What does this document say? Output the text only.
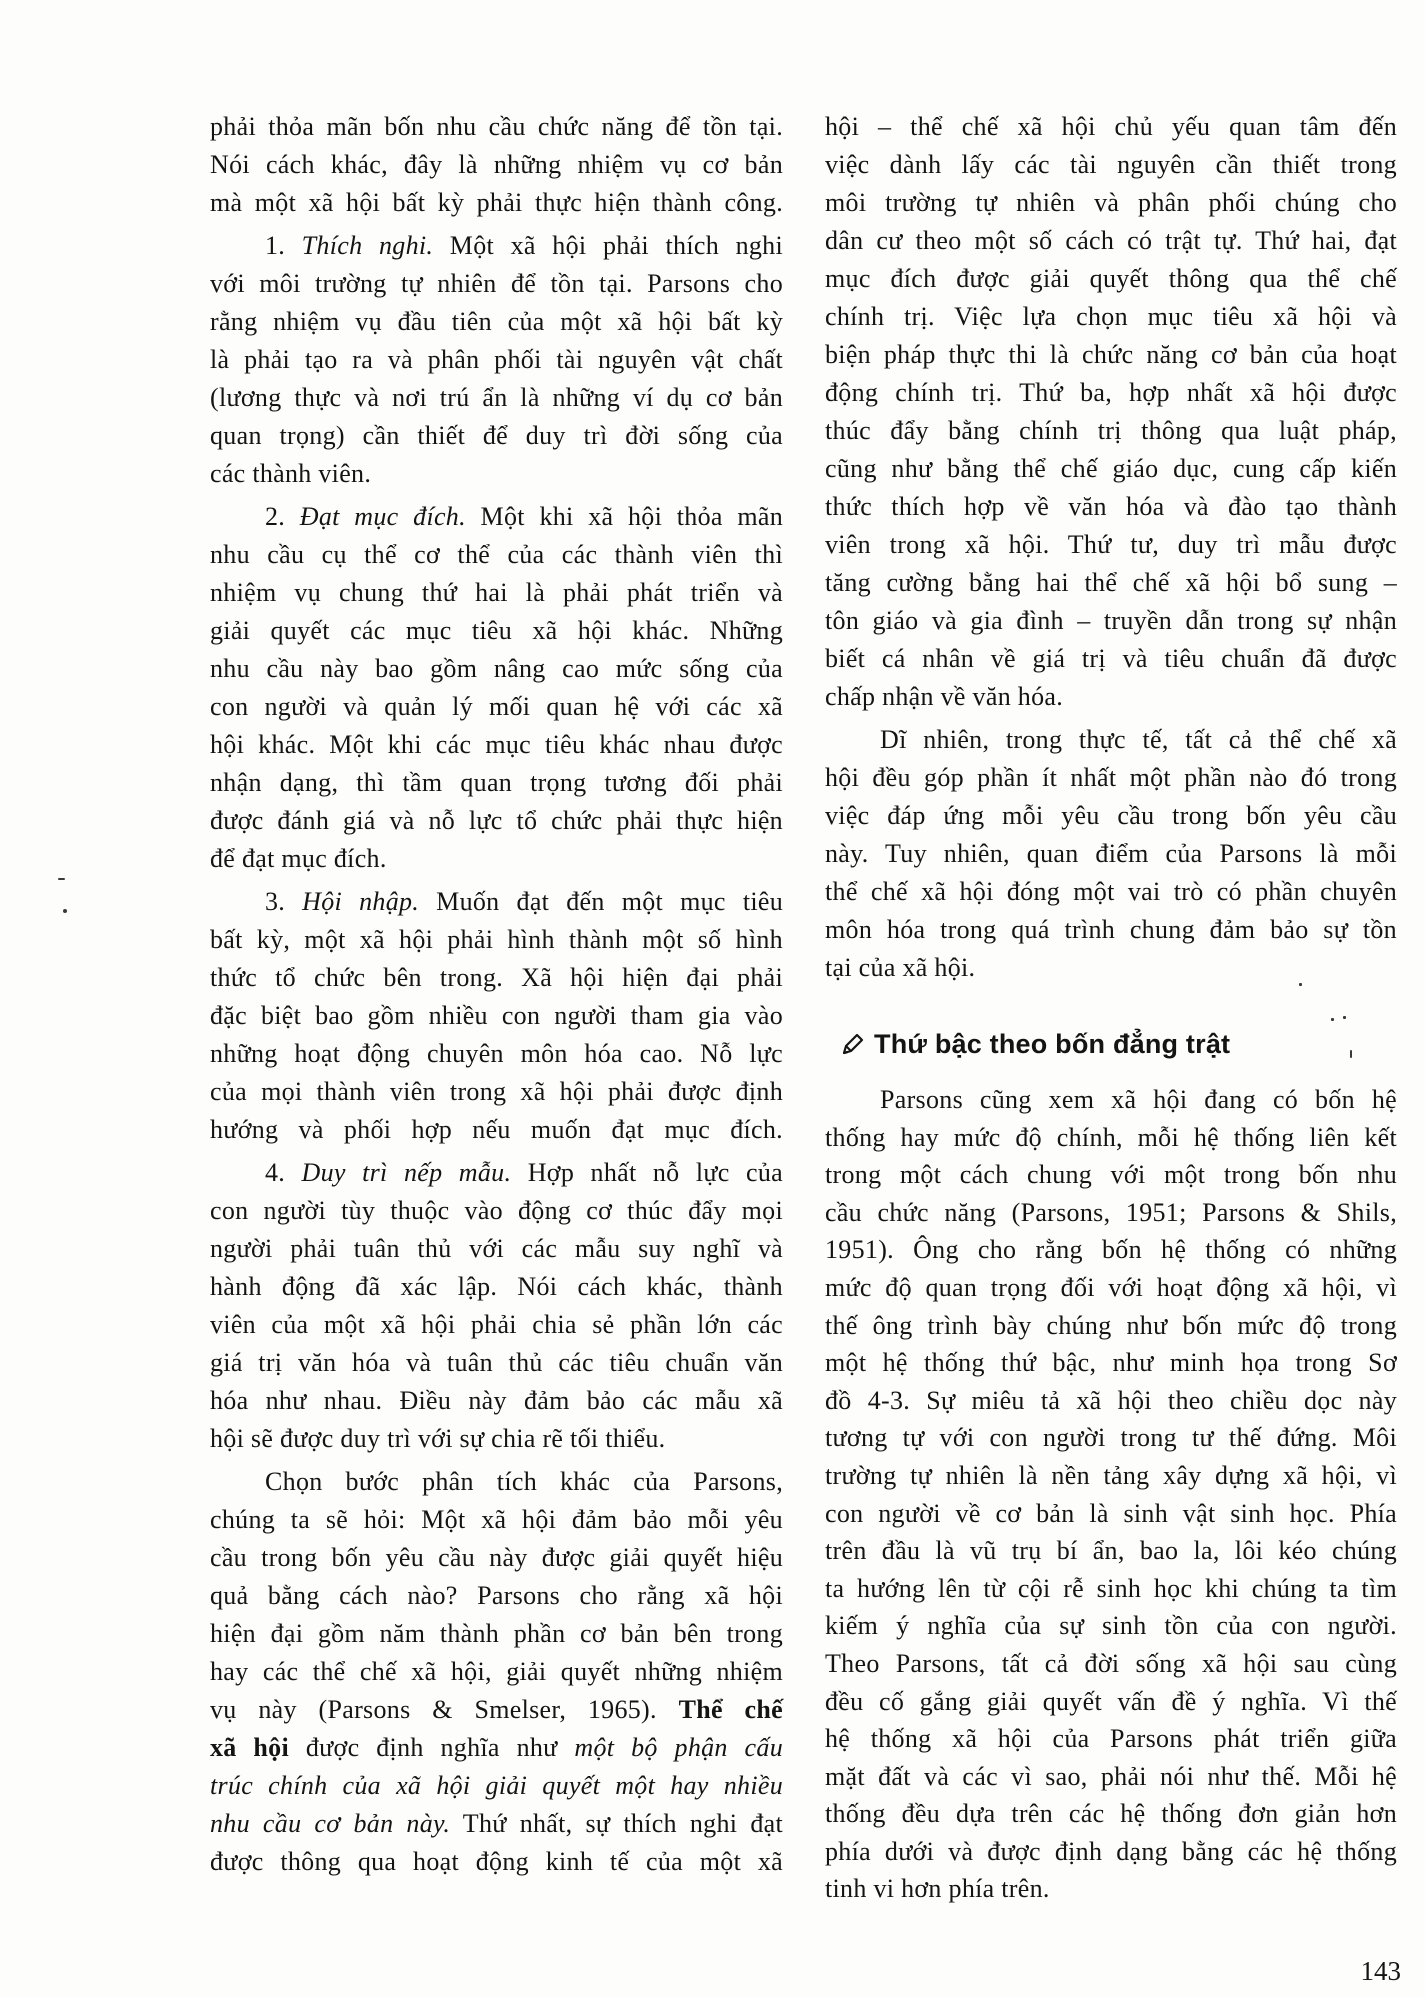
phải thỏa mãn bốn nhu cầu chức năng để tồn tại.
Nói cách khác, đây là những nhiệm vụ cơ bản
mà một xã hội bất kỳ phải thực hiện thành công.
1. Thích nghi. Một xã hội phải thích nghi
với môi trường tự nhiên để tồn tại. Parsons cho
rằng nhiệm vụ đầu tiên của một xã hội bất kỳ
là phải tạo ra và phân phối tài nguyên vật chất
(lương thực và nơi trú ẩn là những ví dụ cơ bản
quan trọng) cần thiết để duy trì đời sống của
các thành viên.
2. Đạt mục đích. Một khi xã hội thỏa mãn
nhu cầu cụ thể cơ thể của các thành viên thì
nhiệm vụ chung thứ hai là phải phát triển và
giải quyết các mục tiêu xã hội khác. Những
nhu cầu này bao gồm nâng cao mức sống của
con người và quản lý mối quan hệ với các xã
hội khác. Một khi các mục tiêu khác nhau được
nhận dạng, thì tầm quan trọng tương đối phải
được đánh giá và nỗ lực tổ chức phải thực hiện
để đạt mục đích.
3. Hội nhập. Muốn đạt đến một mục tiêu
bất kỳ, một xã hội phải hình thành một số hình
thức tổ chức bên trong. Xã hội hiện đại phải
đặc biệt bao gồm nhiều con người tham gia vào
những hoạt động chuyên môn hóa cao. Nỗ lực
của mọi thành viên trong xã hội phải được định
hướng và phối hợp nếu muốn đạt mục đích.
4. Duy trì nếp mẫu. Hợp nhất nỗ lực của
con người tùy thuộc vào động cơ thúc đẩy mọi
người phải tuân thủ với các mẫu suy nghĩ và
hành động đã xác lập. Nói cách khác, thành
viên của một xã hội phải chia sẻ phần lớn các
giá trị văn hóa và tuân thủ các tiêu chuẩn văn
hóa như nhau. Điều này đảm bảo các mẫu xã
hội sẽ được duy trì với sự chia rẽ tối thiểu.
Chọn bước phân tích khác của Parsons,
chúng ta sẽ hỏi: Một xã hội đảm bảo mỗi yêu
cầu trong bốn yêu cầu này được giải quyết hiệu
quả bằng cách nào? Parsons cho rằng xã hội
hiện đại gồm năm thành phần cơ bản bên trong
hay các thể chế xã hội, giải quyết những nhiệm
vụ này (Parsons & Smelser, 1965). Thể chế
xã hội được định nghĩa như một bộ phận cấu
trúc chính của xã hội giải quyết một hay nhiều
nhu cầu cơ bản này. Thứ nhất, sự thích nghi đạt
được thông qua hoạt động kinh tế của một xã
hội – thể chế xã hội chủ yếu quan tâm đến
việc dành lấy các tài nguyên cần thiết trong
môi trường tự nhiên và phân phối chúng cho
dân cư theo một số cách có trật tự. Thứ hai, đạt
mục đích được giải quyết thông qua thể chế
chính trị. Việc lựa chọn mục tiêu xã hội và
biện pháp thực thi là chức năng cơ bản của hoạt
động chính trị. Thứ ba, hợp nhất xã hội được
thúc đẩy bằng chính trị thông qua luật pháp,
cũng như bằng thể chế giáo dục, cung cấp kiến
thức thích hợp về văn hóa và đào tạo thành
viên trong xã hội. Thứ tư, duy trì mẫu được
tăng cường bằng hai thể chế xã hội bổ sung –
tôn giáo và gia đình – truyền dẫn trong sự nhận
biết cá nhân về giá trị và tiêu chuẩn đã được
chấp nhận về văn hóa.
Dĩ nhiên, trong thực tế, tất cả thể chế xã
hội đều góp phần ít nhất một phần nào đó trong
việc đáp ứng mỗi yêu cầu trong bốn yêu cầu
này. Tuy nhiên, quan điểm của Parsons là mỗi
thể chế xã hội đóng một vai trò có phần chuyên
môn hóa trong quá trình chung đảm bảo sự tồn
tại của xã hội.
Thứ bậc theo bốn đẳng trật
Parsons cũng xem xã hội đang có bốn hệ
thống hay mức độ chính, mỗi hệ thống liên kết
trong một cách chung với một trong bốn nhu
cầu chức năng (Parsons, 1951; Parsons & Shils,
1951). Ông cho rằng bốn hệ thống có những
mức độ quan trọng đối với hoạt động xã hội, vì
thế ông trình bày chúng như bốn mức độ trong
một hệ thống thứ bậc, như minh họa trong Sơ
đồ 4-3. Sự miêu tả xã hội theo chiều dọc này
tương tự với con người trong tư thế đứng. Môi
trường tự nhiên là nền tảng xây dựng xã hội, vì
con người về cơ bản là sinh vật sinh học. Phía
trên đầu là vũ trụ bí ẩn, bao la, lôi kéo chúng
ta hướng lên từ cội rễ sinh học khi chúng ta tìm
kiếm ý nghĩa của sự sinh tồn của con người.
Theo Parsons, tất cả đời sống xã hội sau cùng
đều cố gắng giải quyết vấn đề ý nghĩa. Vì thế
hệ thống xã hội của Parsons phát triển giữa
mặt đất và các vì sao, phải nói như thế. Mỗi hệ
thống đều dựa trên các hệ thống đơn giản hơn
phía dưới và được định dạng bằng các hệ thống
tinh vi hơn phía trên.
143
